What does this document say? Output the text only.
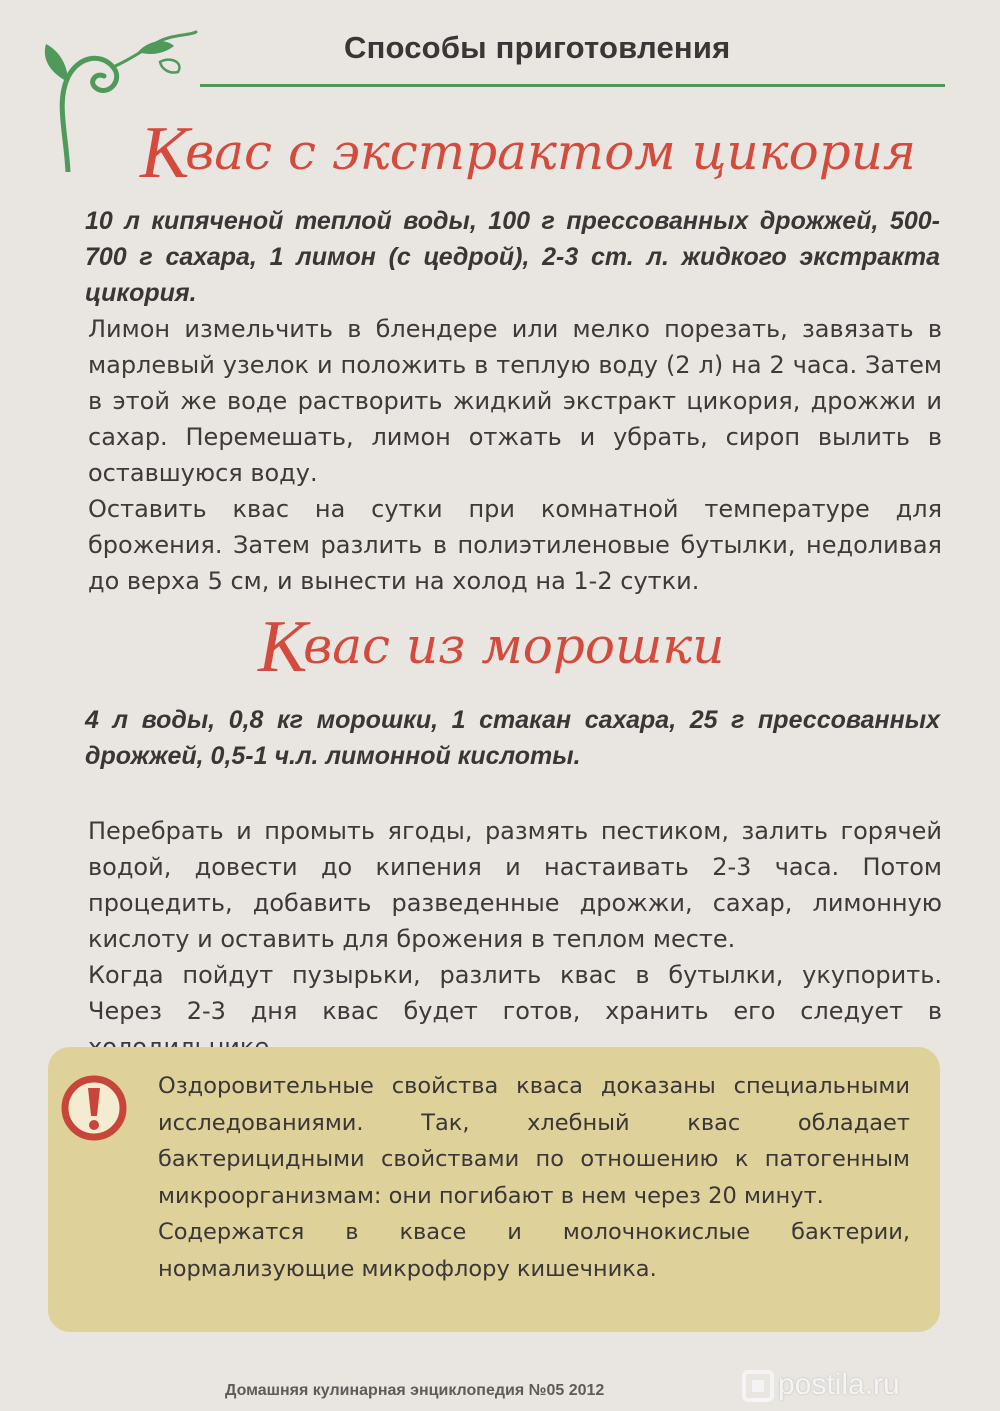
Способы приготовления
Квас с экстрактом цикория

10 л кипяченой теплой воды, 100 г прессованных дрожжей, 500-700 г сахара, 1 лимон (с цедрой), 2-3 ст. л. жидкого экстракта цикория.

Лимон измельчить в блендере или мелко порезать, завязать в марлевый узелок и положить в теплую воду (2 л) на 2 часа. Затем в этой же воде растворить жидкий экстракт цикория, дрожжи и сахар. Перемешать, лимон отжать и убрать, сироп вылить в оставшуюся воду.

Оставить квас на сутки при комнатной температуре для брожения. Затем разлить в полиэтиленовые бутылки, недоливая до верха 5 см, и вынести на холод на 1-2 сутки.

Квас из морошки

4 л воды, 0,8 кг морошки, 1 стакан сахара, 25 г прессованных дрожжей, 0,5-1 ч.л. лимонной кислоты.

Перебрать и промыть ягоды, размять пестиком, залить горячей водой, довести до кипения и настаивать 2-3 часа. Потом процедить, добавить разведенные дрожжи, сахар, лимонную кислоту и оставить для брожения в теплом месте.

Когда пойдут пузырьки, разлить квас в бутылки, укупорить. Через 2-3 дня квас будет готов, хранить его следует в

Оздоровительные свойства кваса доказаны специальными исследованиями. Так, хлебный квас обладает бактерицидными свойствами по отношению к патогенным микроорганизмам: они погибают в нем через 20 минут.

Содержатся в квасе и молочнокислые бактерии, нормализующие микрофлору кишечника.

Домашняя кулинарная энциклопедия №05 2012	postila.ru
